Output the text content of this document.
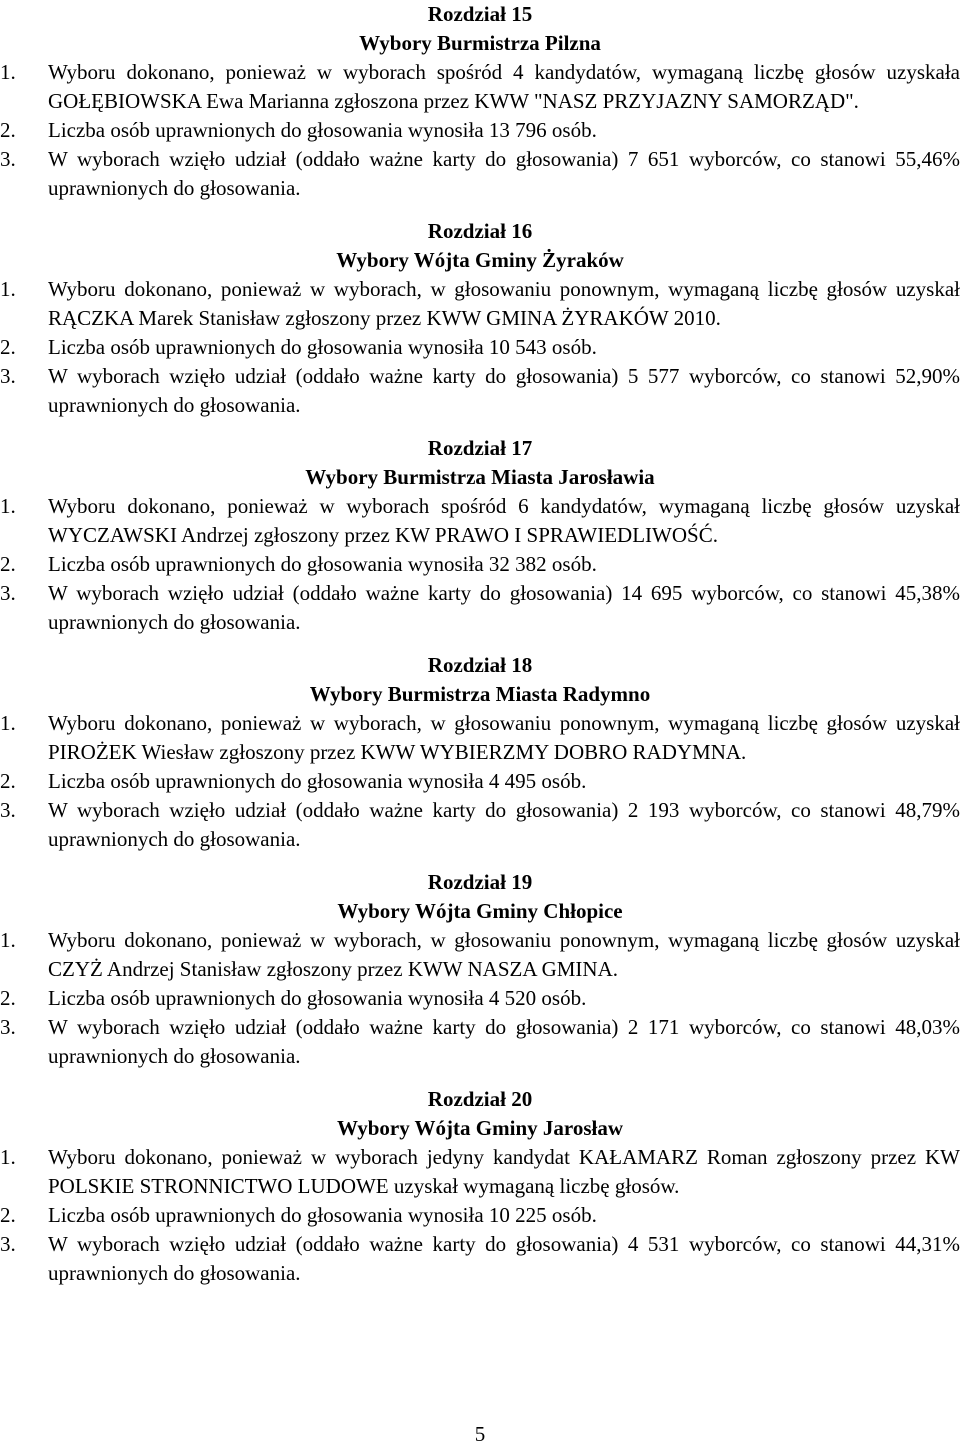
Rozdział 15
Wybory Burmistrza Pilzna
1.	Wyboru dokonano, ponieważ w wyborach spośród 4 kandydatów, wymaganą liczbę głosów uzyskała GOŁĘBIOWSKA Ewa Marianna zgłoszona przez KWW "NASZ PRZYJAZNY SAMORZĄD".
2.	Liczba osób uprawnionych do głosowania wynosiła 13 796 osób.
3.	W wyborach wzięło udział (oddało ważne karty do głosowania) 7 651 wyborców, co stanowi 55,46% uprawnionych do głosowania.
Rozdział 16
Wybory Wójta Gminy Żyraków
1.	Wyboru dokonano, ponieważ w wyborach, w głosowaniu ponownym, wymaganą liczbę głosów uzyskał RĄCZKA Marek Stanisław zgłoszony przez KWW GMINA ŻYRAKÓW 2010.
2.	Liczba osób uprawnionych do głosowania wynosiła 10 543 osób.
3.	W wyborach wzięło udział (oddało ważne karty do głosowania) 5 577 wyborców, co stanowi 52,90% uprawnionych do głosowania.
Rozdział 17
Wybory Burmistrza Miasta Jarosławia
1.	Wyboru dokonano, ponieważ w wyborach spośród 6 kandydatów, wymaganą liczbę głosów uzyskał WYCZAWSKI Andrzej zgłoszony przez KW PRAWO I SPRAWIEDLIWOŚĆ.
2.	Liczba osób uprawnionych do głosowania wynosiła 32 382 osób.
3.	W wyborach wzięło udział (oddało ważne karty do głosowania) 14 695 wyborców, co stanowi 45,38% uprawnionych do głosowania.
Rozdział 18
Wybory Burmistrza Miasta Radymno
1.	Wyboru dokonano, ponieważ w wyborach, w głosowaniu ponownym, wymaganą liczbę głosów uzyskał PIROŻEK Wiesław zgłoszony przez KWW WYBIERZMY DOBRO RADYMNA.
2.	Liczba osób uprawnionych do głosowania wynosiła 4 495 osób.
3.	W wyborach wzięło udział (oddało ważne karty do głosowania) 2 193 wyborców, co stanowi 48,79% uprawnionych do głosowania.
Rozdział 19
Wybory Wójta Gminy Chłopice
1.	Wyboru dokonano, ponieważ w wyborach, w głosowaniu ponownym, wymaganą liczbę głosów uzyskał CZYŻ Andrzej Stanisław zgłoszony przez KWW NASZA GMINA.
2.	Liczba osób uprawnionych do głosowania wynosiła 4 520 osób.
3.	W wyborach wzięło udział (oddało ważne karty do głosowania) 2 171 wyborców, co stanowi 48,03% uprawnionych do głosowania.
Rozdział 20
Wybory Wójta Gminy Jarosław
1.	Wyboru dokonano, ponieważ w wyborach jedyny kandydat KAŁAMARZ Roman zgłoszony przez KW POLSKIE STRONNICTWO LUDOWE uzyskał wymaganą liczbę głosów.
2.	Liczba osób uprawnionych do głosowania wynosiła 10 225 osób.
3.	W wyborach wzięło udział (oddało ważne karty do głosowania) 4 531 wyborców, co stanowi 44,31% uprawnionych do głosowania.
5
